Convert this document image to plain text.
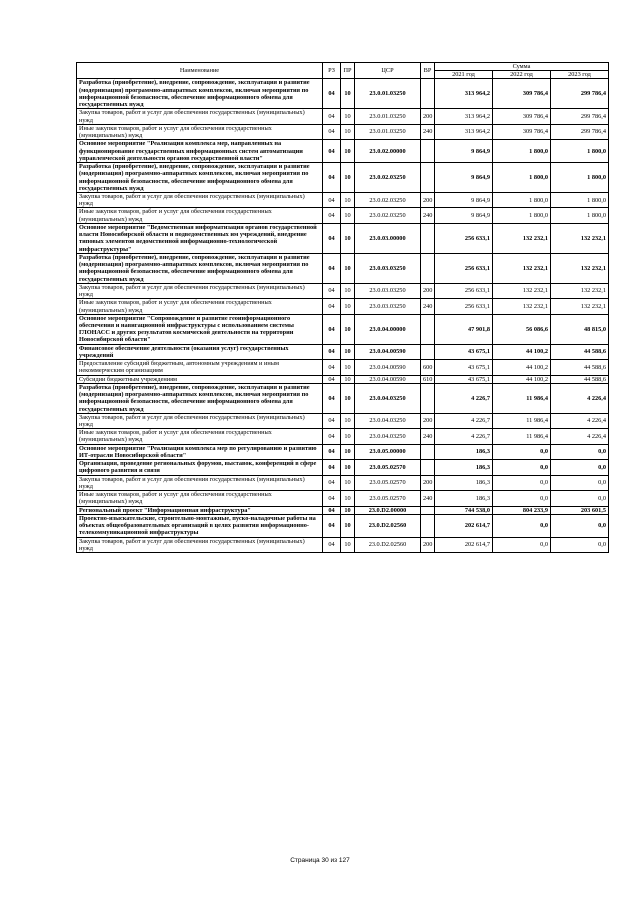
Наименование	РЗ	ПР	ЦСР	ВР	Сумма		
					2021 год	2022 год	2023 год
Разработка (приобретение), внедрение, сопровождение, эксплуатация и развитие (модернизация) программно-аппаратных комплексов, включая мероприятия по информационной безопасности, обеспечение информационного обмена для государственных нужд	04	10	23.0.01.03250		313 964,2	309 786,4	299 786,4
Закупка товаров, работ и услуг для обеспечения государственных (муниципальных) нужд	04	10	23.0.01.03250	200	313 964,2	309 786,4	299 786,4
Иные закупки товаров, работ и услуг для обеспечения государственных (муниципальных) нужд	04	10	23.0.01.03250	240	313 964,2	309 786,4	299 786,4
Основное мероприятие "Реализация комплекса мер, направленных на функционирование государственных информационных систем автоматизации управленческой деятельности органов государственной власти"	04	10	23.0.02.00000		9 864,9	1 800,0	1 800,0
Разработка (приобретение), внедрение, сопровождение, эксплуатация и развитие (модернизация) программно-аппаратных комплексов, включая мероприятия по информационной безопасности, обеспечение информационного обмена для государственных нужд	04	10	23.0.02.03250		9 864,9	1 800,0	1 800,0
Закупка товаров, работ и услуг для обеспечения государственных (муниципальных) нужд	04	10	23.0.02.03250	200	9 864,9	1 800,0	1 800,0
Иные закупки товаров, работ и услуг для обеспечения государственных (муниципальных) нужд	04	10	23.0.02.03250	240	9 864,9	1 800,0	1 800,0
Основное мероприятие "Ведомственная информатизация органов государственной власти Новосибирской области и подведомственных им учреждений, внедрение типовых элементов ведомственной информационно-технологической инфраструктуры"	04	10	23.0.03.00000		256 633,1	132 232,1	132 232,1
Разработка (приобретение), внедрение, сопровождение, эксплуатация и развитие (модернизация) программно-аппаратных комплексов, включая мероприятия по информационной безопасности, обеспечение информационного обмена для государственных нужд	04	10	23.0.03.03250		256 633,1	132 232,1	132 232,1
Закупка товаров, работ и услуг для обеспечения государственных (муниципальных) нужд	04	10	23.0.03.03250	200	256 633,1	132 232,1	132 232,1
Иные закупки товаров, работ и услуг для обеспечения государственных (муниципальных) нужд	04	10	23.0.03.03250	240	256 633,1	132 232,1	132 232,1
Основное мероприятие "Сопровождение и развитие геоинформационного обеспечения и навигационной инфраструктуры с использованием системы ГЛОНАСС и других результатов космической деятельности на территории Новосибирской области"	04	10	23.0.04.00000		47 901,8	56 086,6	48 815,0
Финансовое обеспечение деятельности (оказания услуг) государственных учреждений	04	10	23.0.04.00590		43 675,1	44 100,2	44 588,6
Предоставление субсидий бюджетным, автономным учреждениям и иным некоммерческим организациям	04	10	23.0.04.00590	600	43 675,1	44 100,2	44 588,6
Субсидии бюджетным учреждениям	04	10	23.0.04.00590	610	43 675,1	44 100,2	44 588,6
Разработка (приобретение), внедрение, сопровождение, эксплуатация и развитие (модернизация) программно-аппаратных комплексов, включая мероприятия по информационной безопасности, обеспечение информационного обмена для государственных нужд	04	10	23.0.04.03250		4 226,7	11 986,4	4 226,4
Закупка товаров, работ и услуг для обеспечения государственных (муниципальных) нужд	04	10	23.0.04.03250	200	4 226,7	11 986,4	4 226,4
Иные закупки товаров, работ и услуг для обеспечения государственных (муниципальных) нужд	04	10	23.0.04.03250	240	4 226,7	11 986,4	4 226,4
Основное мероприятие "Реализация комплекса мер по регулированию и развитию ИТ-отрасли Новосибирской области"	04	10	23.0.05.00000		186,3	0,0	0,0
Организация, проведение региональных форумов, выставок, конференций в сфере цифрового развития и связи	04	10	23.0.05.02570		186,3	0,0	0,0
Закупка товаров, работ и услуг для обеспечения государственных (муниципальных) нужд	04	10	23.0.05.02570	200	186,3	0,0	0,0
Иные закупки товаров, работ и услуг для обеспечения государственных (муниципальных) нужд	04	10	23.0.05.02570	240	186,3	0,0	0,0
Региональный проект "Информационная инфраструктура"	04	10	23.0.D2.00000		744 538,0	804 233,9	203 601,5
Проектно-изыскательские, строительно-монтажные, пуско-наладочные работы на объектах общеобразовательных организаций в целях развития информационно-телекоммуникационной инфраструктуры	04	10	23.0.D2.02560		202 614,7	0,0	0,0
Закупка товаров, работ и услуг для обеспечения государственных (муниципальных) нужд	04	10	23.0.D2.02560	200	202 614,7	0,0	0,0
Страница 30 из 127
